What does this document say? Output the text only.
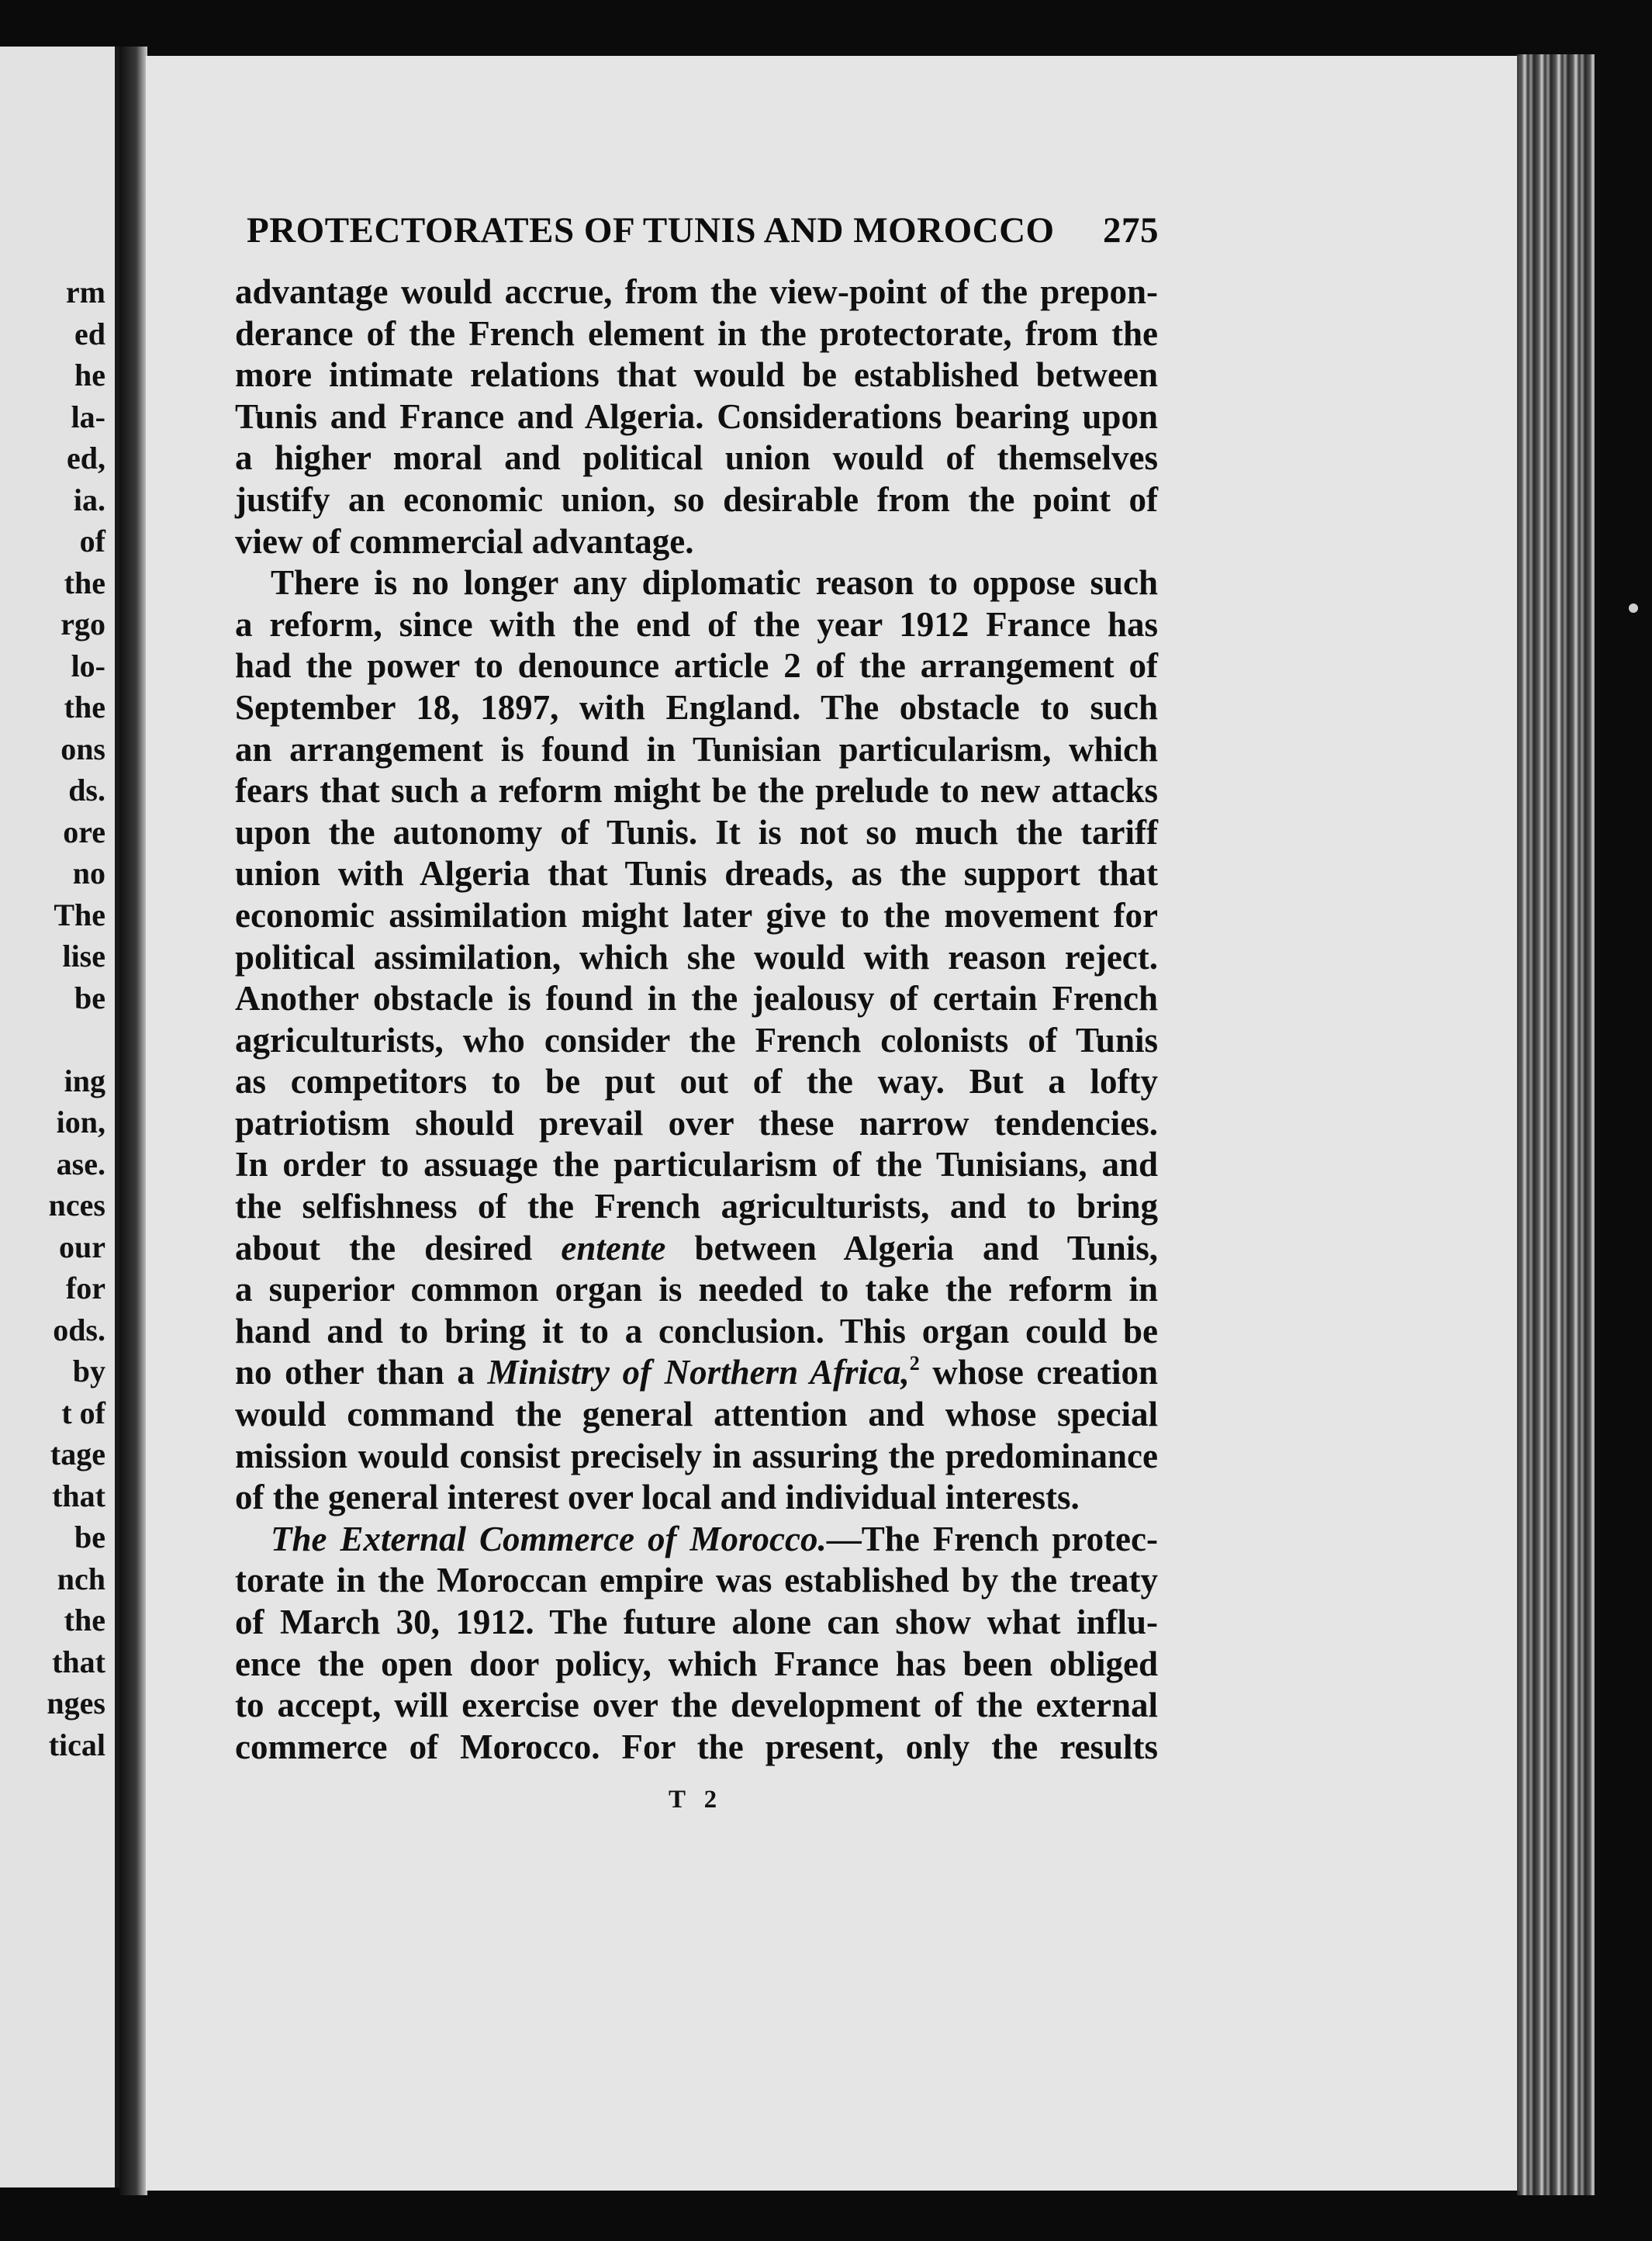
rm
ed
he
la-
ed,
ia.
of
the
rgo
lo-
the
ons
ds.
ore
no
The
lise
be
ing
ion,
ase.
nces
our
for
ods.
by
t of
tage
that
be
nch
the
that
nges
tical
PROTECTORATES OF TUNIS AND MOROCCO 275
advantage would accrue, from the view-point of the prepon-
derance of the French element in the protectorate, from the
more intimate relations that would be established between
Tunis and France and Algeria. Considerations bearing upon
a higher moral and political union would of themselves
justify an economic union, so desirable from the point of
view of commercial advantage.
There is no longer any diplomatic reason to oppose such
a reform, since with the end of the year 1912 France has
had the power to denounce article 2 of the arrangement of
September 18, 1897, with England. The obstacle to such
an arrangement is found in Tunisian particularism, which
fears that such a reform might be the prelude to new attacks
upon the autonomy of Tunis. It is not so much the tariff
union with Algeria that Tunis dreads, as the support that
economic assimilation might later give to the movement for
political assimilation, which she would with reason reject.
Another obstacle is found in the jealousy of certain French
agriculturists, who consider the French colonists of Tunis
as competitors to be put out of the way. But a lofty
patriotism should prevail over these narrow tendencies.
In order to assuage the particularism of the Tunisians, and
the selfishness of the French agriculturists, and to bring
about the desired entente between Algeria and Tunis,
a superior common organ is needed to take the reform in
hand and to bring it to a conclusion. This organ could be
no other than a Ministry of Northern Africa,$^2$ whose creation
would command the general attention and whose special
mission would consist precisely in assuring the predominance
of the general interest over local and individual interests.
The External Commerce of Morocco.—The French protec-
torate in the Moroccan empire was established by the treaty
of March 30, 1912. The future alone can show what influ-
ence the open door policy, which France has been obliged
to accept, will exercise over the development of the external
commerce of Morocco. For the present, only the results
T 2
